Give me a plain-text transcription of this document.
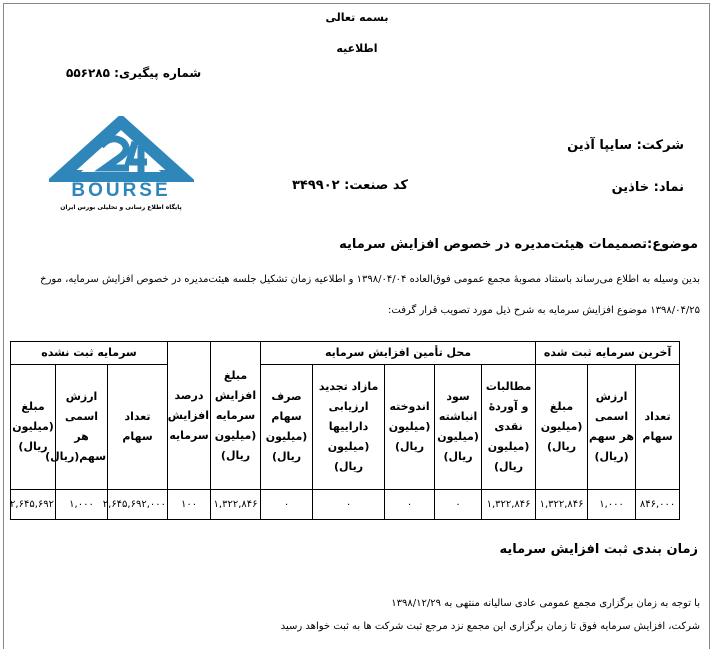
بسمه تعالی
اطلاعیه
شماره پیگیری: ۵۵۶۲۸۵
BOURSE
پایگاه اطلاع رسانی و تحلیلی بورس ایران
شرکت: سایپا آذین
نماد: خاذین
کد صنعت: ۳۴۹۹۰۲
موضوع:تصمیمات هیئت‌مدیره در خصوص افزایش سرمایه
بدین وسیله به اطلاع می‌رساند باستناد مصوبهٔ مجمع عمومی فوق‌العاده ۱۳۹۸/۰۴/۰۴ و اطلاعیه زمان تشکیل جلسه هیئت‌مدیره در خصوص افزایش سرمایه، مورخ
۱۳۹۸/۰۴/۲۵ موضوع افزایش سرمایه به شرح ذیل مورد تصویب قرار گرفت:
آخرین سرمایه ثبت شده			محل تأمین افزایش سرمایه					مبلغ افزایش سرمایه (میلیون ریال)	درصد افزایش سرمایه	سرمایه ثبت نشده		
تعداد سهام	ارزش اسمی هر سهم (ریال)	مبلغ (میلیون ریال)	مطالبات و آوردهٔ نقدی (میلیون ریال)	سود انباشته (میلیون ریال)	اندوخته (میلیون ریال)	مازاد تجدید ارزیابی داراییها (میلیون ریال)	صرف سهام (میلیون ریال)			تعداد سهام	ارزش اسمی هر سهم(ریال)	مبلغ (میلیون ریال)
۸۴۶,۰۰۰	۱,۰۰۰	۱,۳۲۲,۸۴۶	۱,۳۲۲,۸۴۶	۰	۰	۰	۰	۱,۳۲۲,۸۴۶	۱۰۰	۲,۶۴۵,۶۹۲,۰۰۰	۱,۰۰۰	۲,۶۴۵,۶۹۲
زمان بندی ثبت افزایش سرمایه
با توجه به زمان برگزاری مجمع عمومی عادی سالیانه منتهی به ۱۳۹۸/۱۲/۲۹
شرکت، افزایش سرمایه فوق تا زمان برگزاری این مجمع نزد مرجع ثبت شرکت ها به ثبت خواهد رسید
